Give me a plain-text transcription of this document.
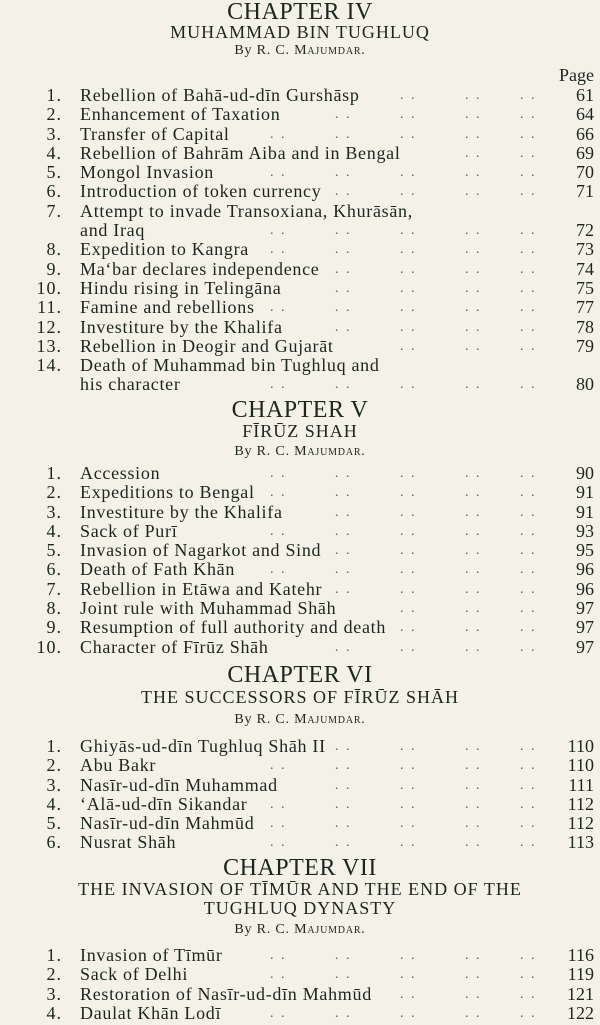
CHAPTER IV
MUHAMMAD BIN TUGHLUQ
By R. C. Majumdar.
1. Rebellion of Bahā-ud-dīn Gurshāsp	61
. .	. .	. .
2. Enhancement of Taxation	64
. .	. .	. .	. .
3. Transfer of Capital	66
. .	. .	. .	. .	. .
4. Rebellion of Bahrām Aiba and in Bengal	69
. .	. .
5. Mongol Invasion	70
. .	. .	. .	. .	. .
6. Introduction of token currency	71
. .	. .	. .	. .
7. Attempt to invade Transoxiana, Khurāsān,
and Iraq	72
. .	. .	. .	. .	. .
8. Expedition to Kangra	73
. .	. .	. .	. .	. .
9. Ma‘bar declares independence	74
. .	. .	. .	. .
10. Hindu rising in Telingāna	75
. .	. .	. .	. .
11. Famine and rebellions	77
. .	. .	. .	. .	. .
12. Investiture by the Khalifa	78
. .	. .	. .	. .
13. Rebellion in Deogir and Gujarāt	79
. .	. .	. .
14. Death of Muhammad bin Tughluq and
his character	80
. .	. .	. .	. .	. .
CHAPTER V
FĪRŪZ SHAH
By R. C. Majumdar.
1. Accession	90
. .	. .	. .	. .	. .
2. Expeditions to Bengal	91
. .	. .	. .	. .	. .
3. Investiture by the Khalifa	91
. .	. .	. .	. .
4. Sack of Purī	93
. .	. .	. .	. .	. .
5. Invasion of Nagarkot and Sind	95
. .	. .	. .	. .
6. Death of Fath Khān	96
. .	. .	. .	. .	. .
7. Rebellion in Etāwa and Katehr	96
. .	. .	. .	. .
8. Joint rule with Muhammad Shāh	97
. .	. .	. .
9. Resumption of full authority and death	97
. .	. .	. .
10. Character of Fīrūz Shāh	97
. .	. .	. .	. .
CHAPTER VI
THE SUCCESSORS OF FĪRŪZ SHĀH
By R. C. Majumdar.
1. Ghiyās-ud-dīn Tughluq Shāh II	110
. .	. .	. .	. .
2. Abu Bakr	110
. .	. .	. .	. .	. .
3. Nasīr-ud-dīn Muhammad	111
. .	. .	. .	. .
4. ‘Alā-ud-dīn Sikandar	112
. .	. .	. .	. .	. .
5. Nasīr-ud-dīn Mahmūd	112
. .	. .	. .	. .	. .
6. Nusrat Shāh	113
. .	. .	. .	. .	. .
CHAPTER VII
THE INVASION OF TĪMŪR AND THE END OF THE
TUGHLUQ DYNASTY
By R. C. Majumdar.
1. Invasion of Tīmūr	116
. .	. .	. .	. .	. .
2. Sack of Delhi	119
. .	. .	. .	. .	. .
3. Restoration of Nasīr-ud-dīn Mahmūd	121
. .	. .	. .
4. Daulat Khān Lodī	122
. .	. .	. .	. .	. .
Page
